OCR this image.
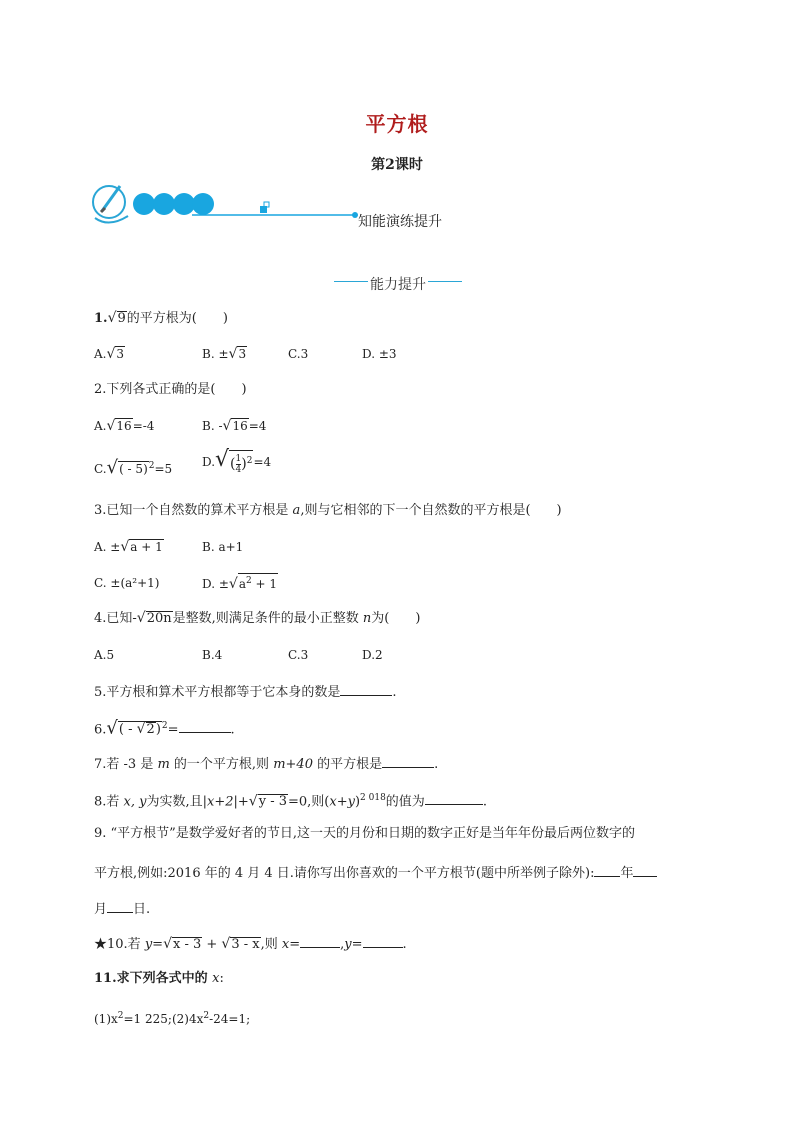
平方根
第2课时
知能演练提升
能力提升
1.√9的平方根为(　　)
A.√3	B. ±√3	C.3	D. ±3
2.下列各式正确的是(　　)
A.√16=-4	B. -√16=4
C.√( - 5)$^2$=5 $D.√( \frac{1}{4} )^2=4$
3.已知一个自然数的算术平方根是 a,则与它相邻的下一个自然数的平方根是(　　)
A. ±√a + 1	B. a+1
C. ±(a²+1)	D. $\pm√a^2 + 1$
4.已知-√20n是整数,则满足条件的最小正整数 n为(　　)
A.5	B.4	C.3	D.2
5.平方根和算术平方根都等于它本身的数是	.
6.√( - √2)$^2$=	.
7.若 -3 是 m 的一个平方根,则 m+40 的平方根是	.
8.若 x, y为实数,且|x+2|+√y - 3=0,则$(x+y)^{2 018}$的值为	.
9. “平方根节”是数学爱好者的节日,这一天的月份和日期的数字正好是当年年份最后两位数字的
平方根,例如:2016 年的 4 月 4 日.请你写出你喜欢的一个平方根节(题中所举例子除外): 年
月 日.
★10.若 y=√x - 3 + √3 - x,则 x=	,y=	.
11.求下列各式中的 x:
$(1)x^2=1$ $225;(2)4x^2-24=1$;
